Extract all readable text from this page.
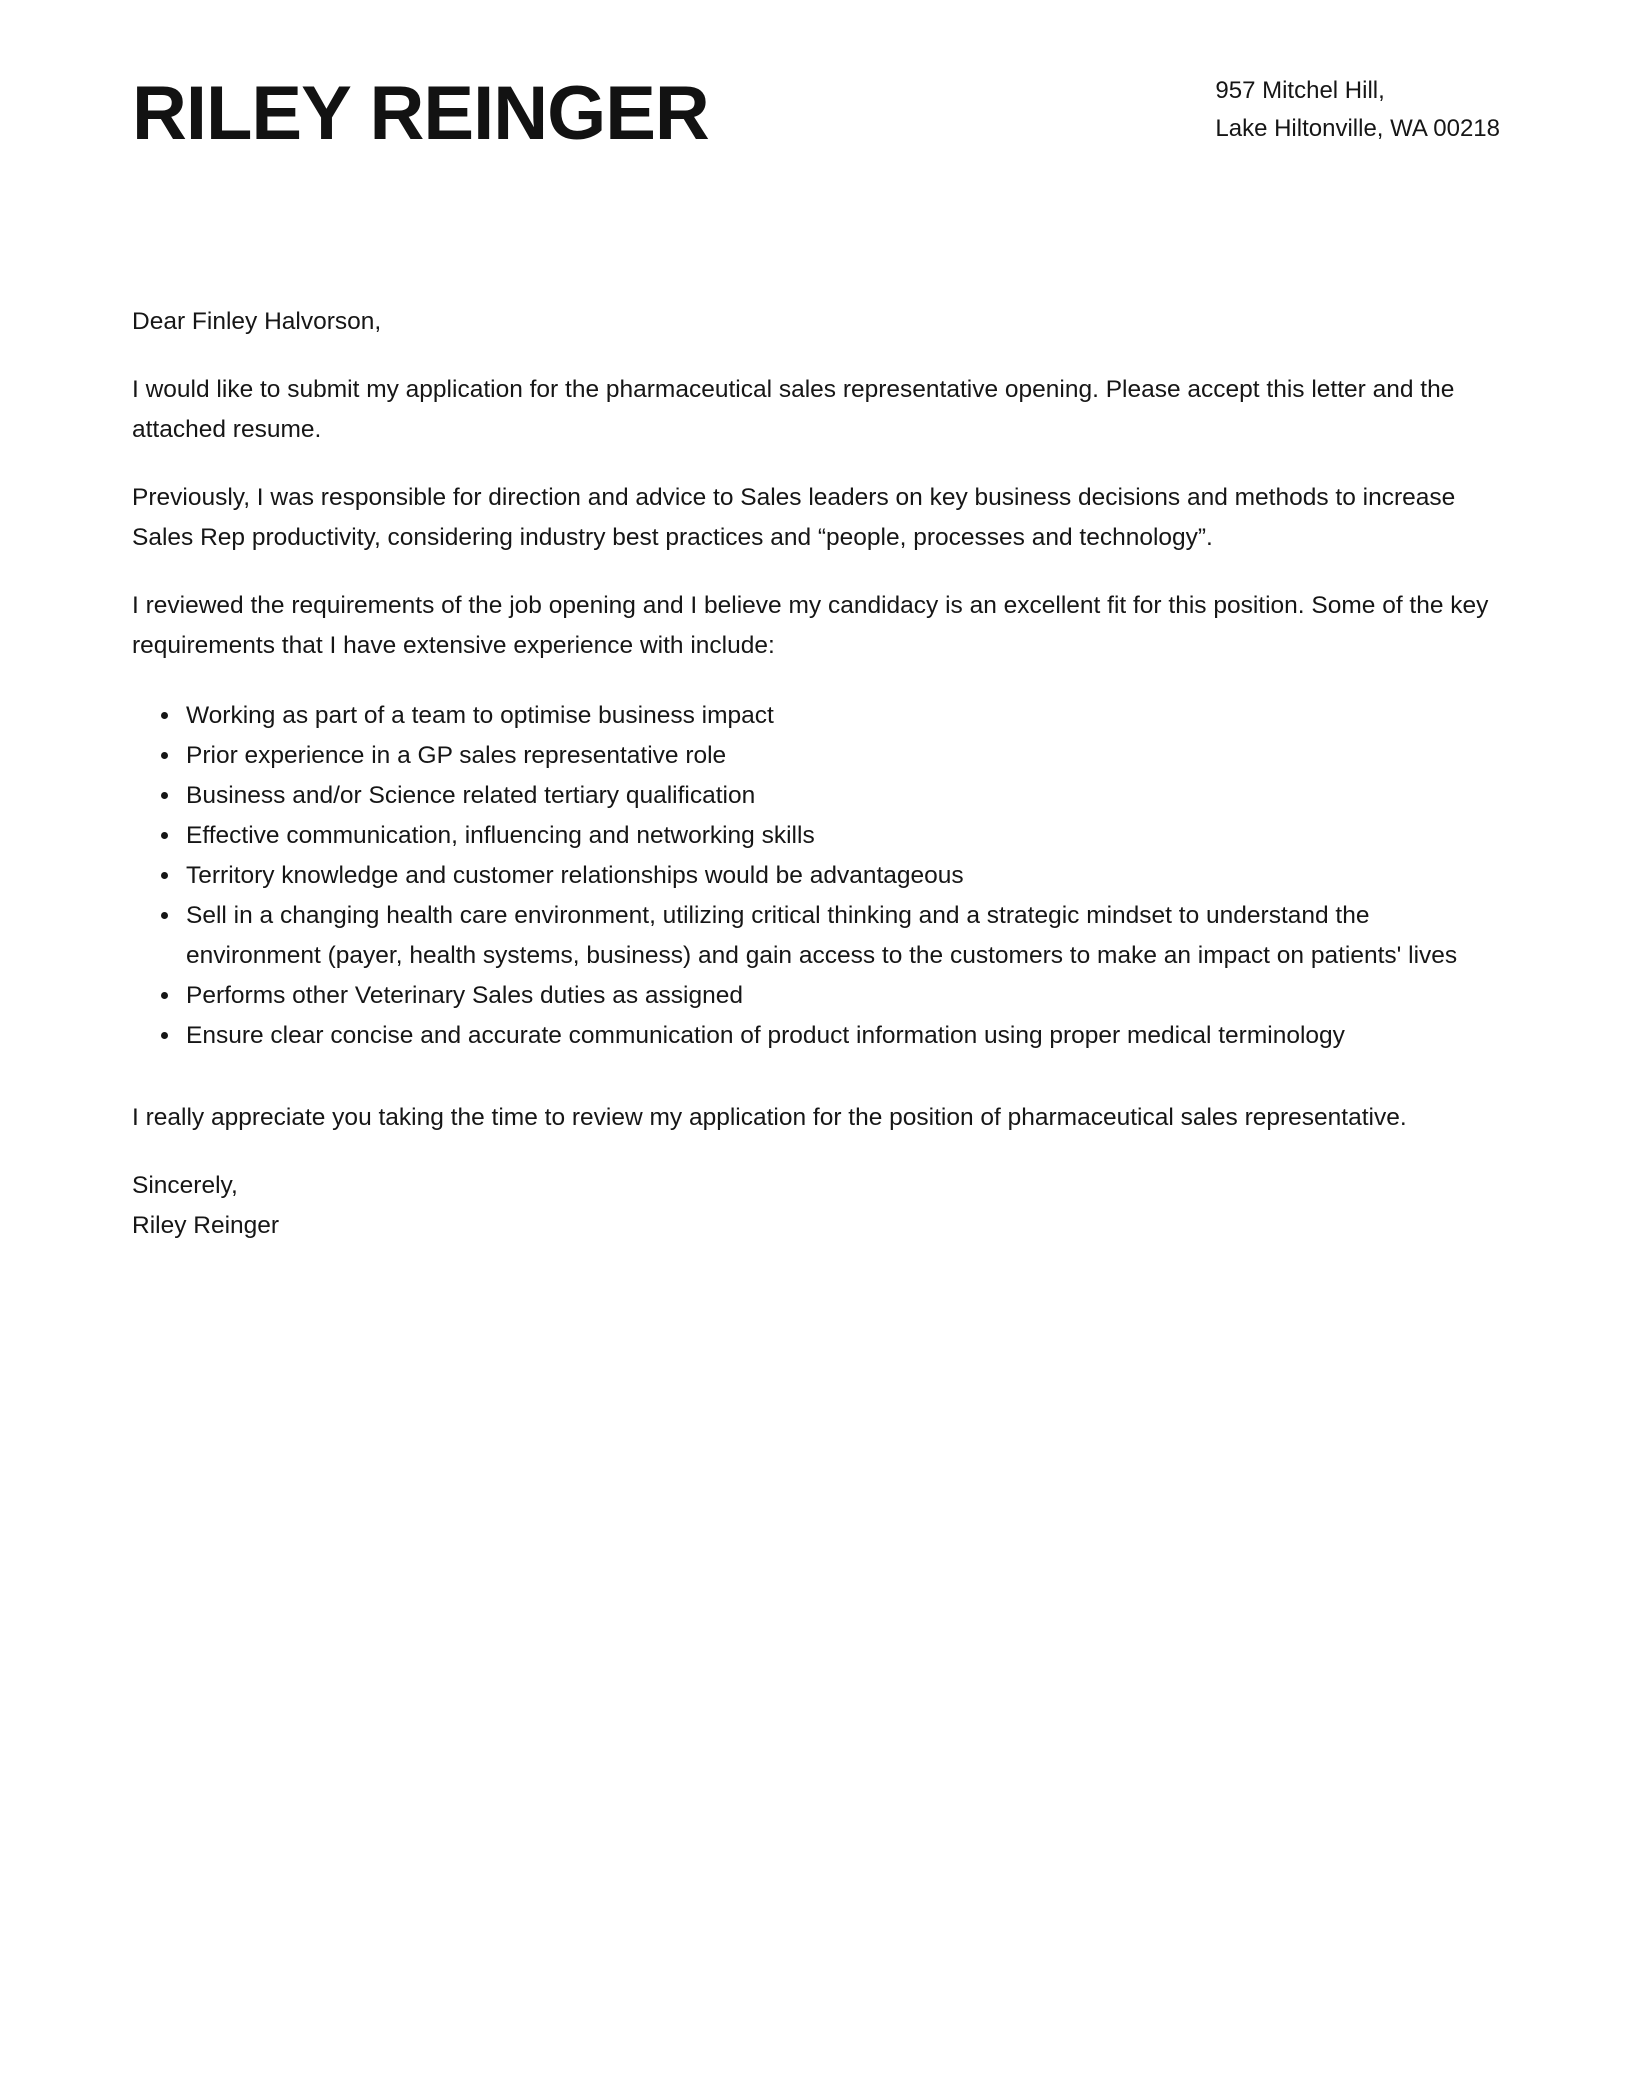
RILEY REINGER	957 Mitchel Hill,
Lake Hiltonville, WA 00218

Dear Finley Halvorson,

I would like to submit my application for the pharmaceutical sales representative opening. Please accept this letter and the attached resume.

Previously, I was responsible for direction and advice to Sales leaders on key business decisions and methods to increase Sales Rep productivity, considering industry best practices and “people, processes and technology”.

I reviewed the requirements of the job opening and I believe my candidacy is an excellent fit for this position. Some of the key requirements that I have extensive experience with include:

• Working as part of a team to optimise business impact
• Prior experience in a GP sales representative role
• Business and/or Science related tertiary qualification
• Effective communication, influencing and networking skills
• Territory knowledge and customer relationships would be advantageous
• Sell in a changing health care environment, utilizing critical thinking and a strategic mindset to understand the environment (payer, health systems, business) and gain access to the customers to make an impact on patients' lives
• Performs other Veterinary Sales duties as assigned
• Ensure clear concise and accurate communication of product information using proper medical terminology

I really appreciate you taking the time to review my application for the position of pharmaceutical sales representative.

Sincerely,
Riley Reinger
